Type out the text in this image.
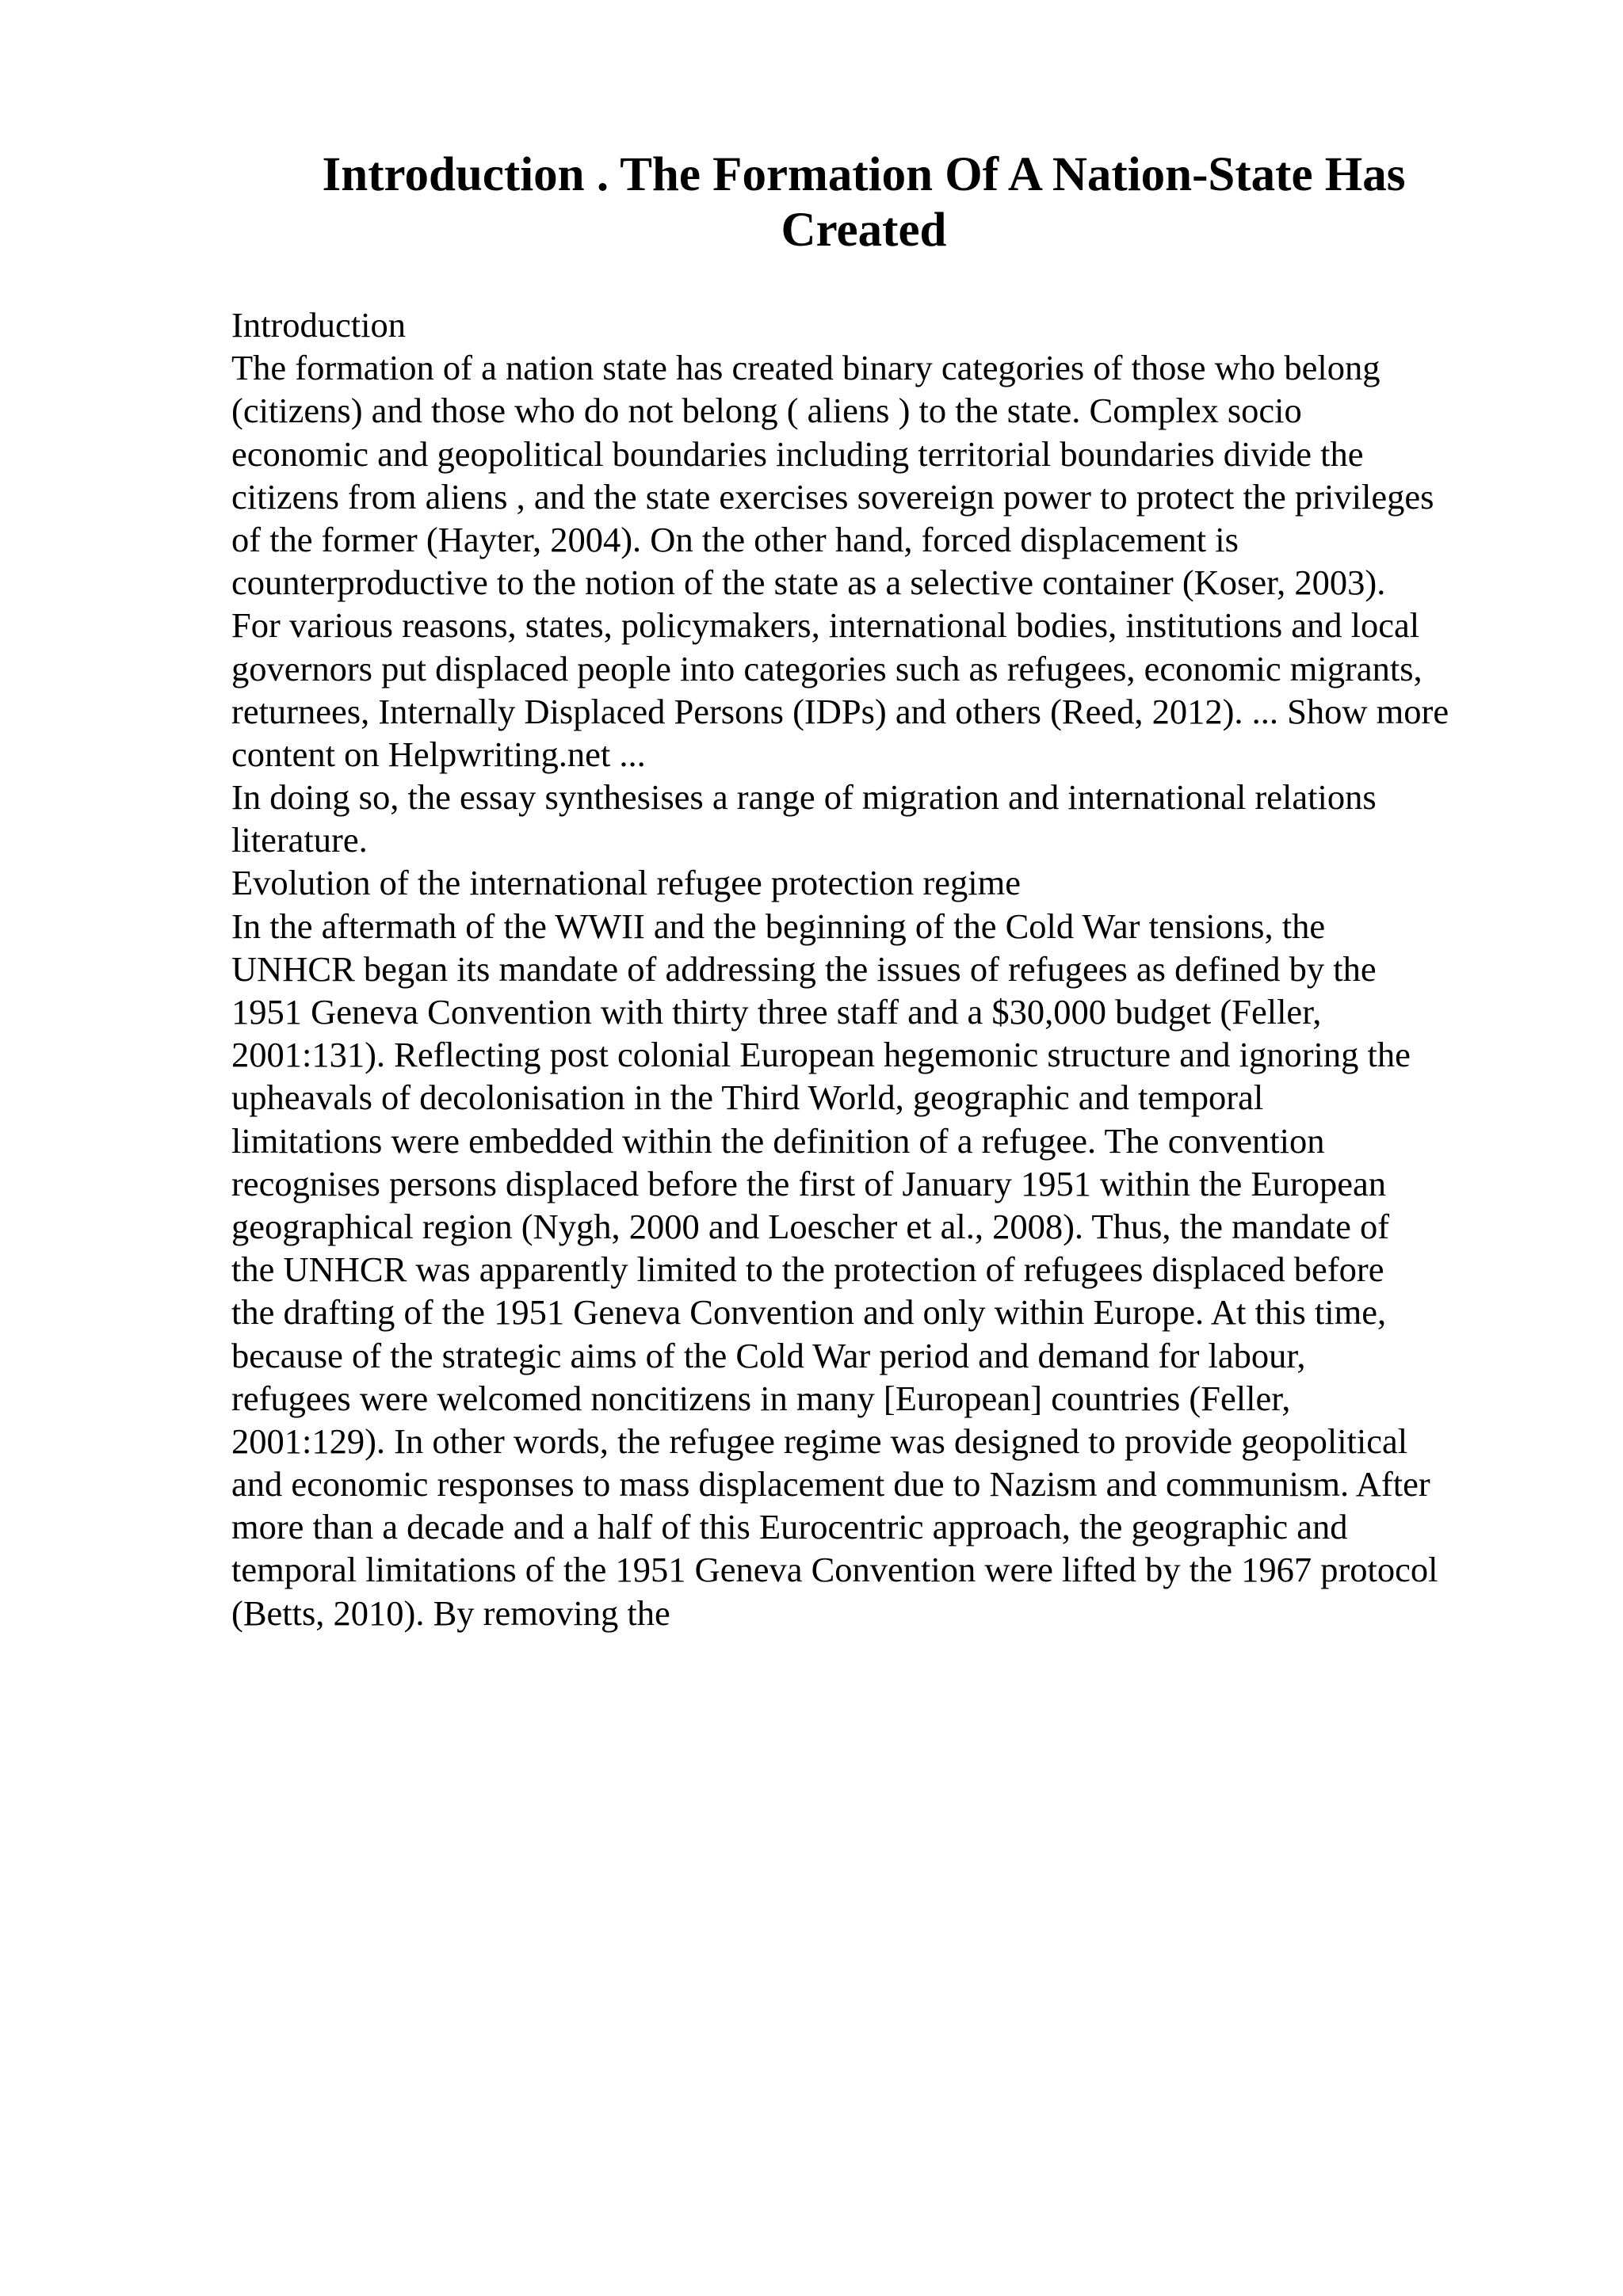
Introduction . The Formation Of A Nation-State Has
Created
Introduction
The formation of a nation state has created binary categories of those who belong
(citizens) and those who do not belong ( aliens ) to the state. Complex socio
economic and geopolitical boundaries including territorial boundaries divide the
citizens from aliens , and the state exercises sovereign power to protect the privileges
of the former (Hayter, 2004). On the other hand, forced displacement is
counterproductive to the notion of the state as a selective container (Koser, 2003).
For various reasons, states, policymakers, international bodies, institutions and local
governors put displaced people into categories such as refugees, economic migrants,
returnees, Internally Displaced Persons (IDPs) and others (Reed, 2012). ... Show more
content on Helpwriting.net ...
In doing so, the essay synthesises a range of migration and international relations
literature.
Evolution of the international refugee protection regime
In the aftermath of the WWII and the beginning of the Cold War tensions, the
UNHCR began its mandate of addressing the issues of refugees as defined by the
1951 Geneva Convention with thirty three staff and a $30,000 budget (Feller,
2001:131). Reflecting post colonial European hegemonic structure and ignoring the
upheavals of decolonisation in the Third World, geographic and temporal
limitations were embedded within the definition of a refugee. The convention
recognises persons displaced before the first of January 1951 within the European
geographical region (Nygh, 2000 and Loescher et al., 2008). Thus, the mandate of
the UNHCR was apparently limited to the protection of refugees displaced before
the drafting of the 1951 Geneva Convention and only within Europe. At this time,
because of the strategic aims of the Cold War period and demand for labour,
refugees were welcomed noncitizens in many [European] countries (Feller,
2001:129). In other words, the refugee regime was designed to provide geopolitical
and economic responses to mass displacement due to Nazism and communism. After
more than a decade and a half of this Eurocentric approach, the geographic and
temporal limitations of the 1951 Geneva Convention were lifted by the 1967 protocol
(Betts, 2010). By removing the
